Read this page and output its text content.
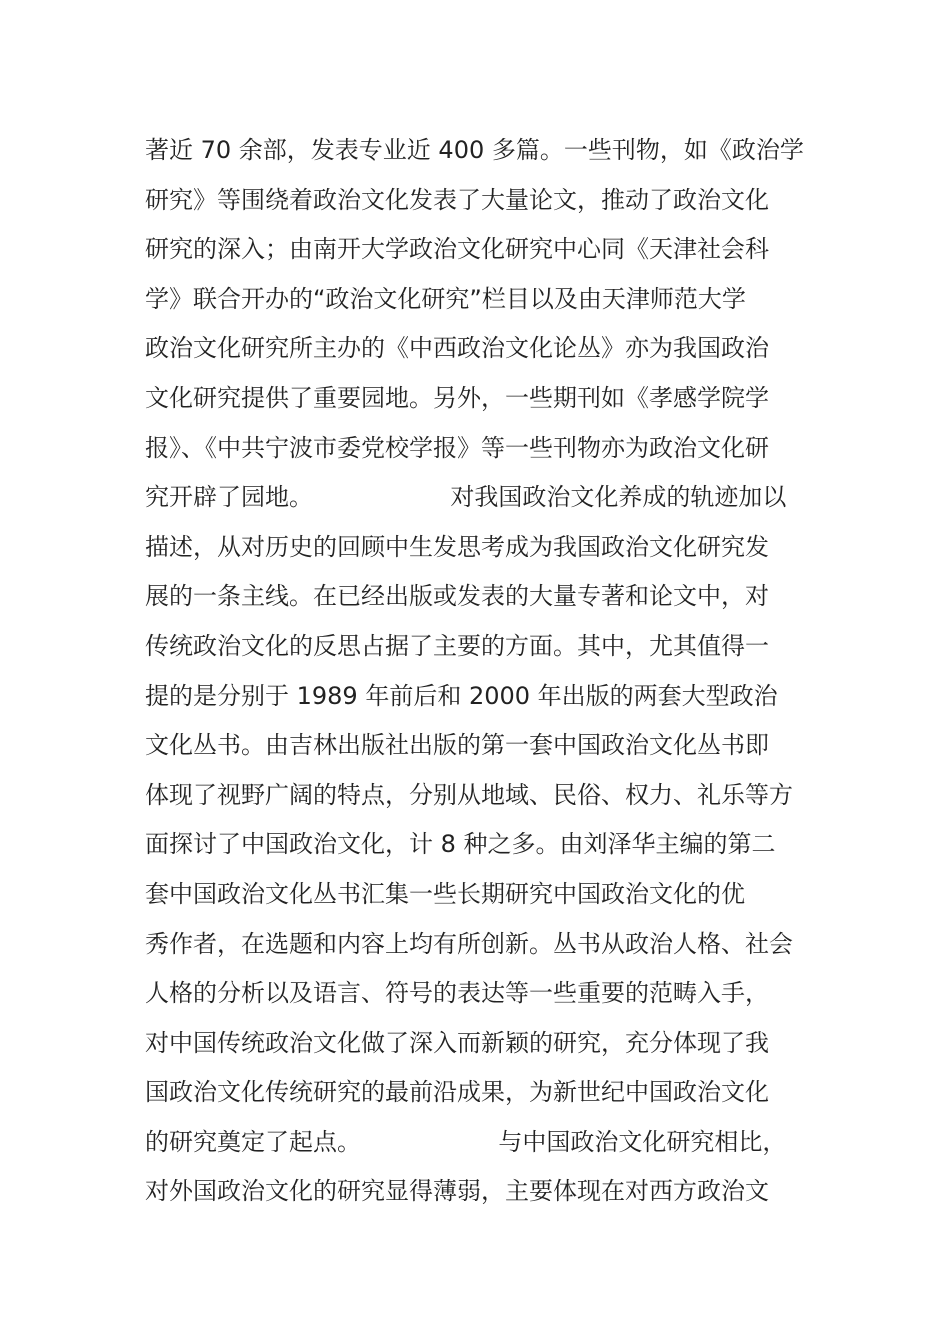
著近 70 余部，发表专业近 400 多篇。一些刊物，如《政治学
研究》等围绕着政治文化发表了大量论文，推动了政治文化
研究的深入；由南开大学政治文化研究中心同《天津社会科
学》联合开办的“政治文化研究”栏目以及由天津师范大学
政治文化研究所主办的《中西政治文化论丛》亦为我国政治
文化研究提供了重要园地。另外，一些期刊如《孝感学院学
报》、《中共宁波市委党校学报》等一些刊物亦为政治文化研
究开辟了园地。                  对我国政治文化养成的轨迹加以
描述，从对历史的回顾中生发思考成为我国政治文化研究发
展的一条主线。在已经出版或发表的大量专著和论文中，对
传统政治文化的反思占据了主要的方面。其中，尤其值得一
提的是分别于 1989 年前后和 2000 年出版的两套大型政治
文化丛书。由吉林出版社出版的第一套中国政治文化丛书即
体现了视野广阔的特点，分别从地域、民俗、权力、礼乐等方
面探讨了中国政治文化，计 8 种之多。由刘泽华主编的第二
套中国政治文化丛书汇集一些长期研究中国政治文化的优
秀作者，在选题和内容上均有所创新。丛书从政治人格、社会
人格的分析以及语言、符号的表达等一些重要的范畴入手，
对中国传统政治文化做了深入而新颖的研究，充分体现了我
国政治文化传统研究的最前沿成果，为新世纪中国政治文化
的研究奠定了起点。                  与中国政治文化研究相比，
对外国政治文化的研究显得薄弱，主要体现在对西方政治文
